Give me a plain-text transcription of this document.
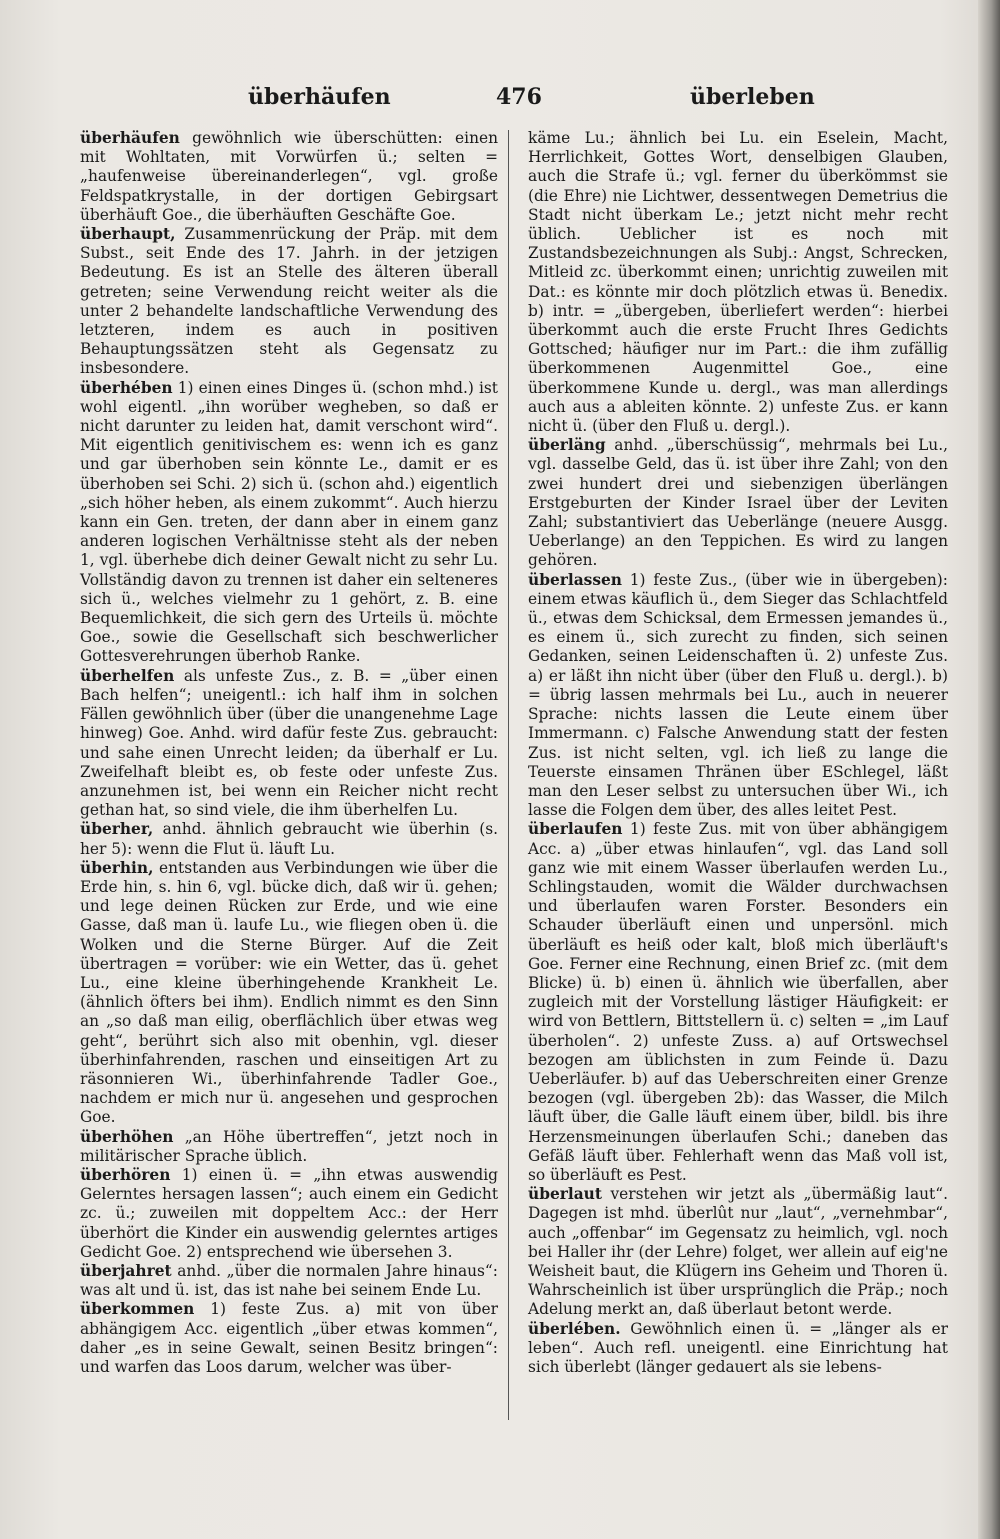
überhäufen	476	überleben

überhäufen gewöhnlich wie überschütten: einen mit Wohltaten, mit Vorwürfen ü.; selten = „haufenweise übereinanderlegen“, vgl. große Feldspatkrystalle, in der dortigen Gebirgsart überhäuft Goe., die überhäuften Geschäfte Goe.

überhaupt, Zusammenrückung der Präp. mit dem Subst., seit Ende des 17. Jahrh. in der jetzigen Bedeutung. Es ist an Stelle des älteren überall getreten; seine Verwendung reicht weiter als die unter 2 behandelte landschaftliche Verwendung des letzteren, indem es auch in positiven Behauptungssätzen steht als Gegensatz zu insbesondere.

überhében 1) einen eines Dinges ü. (schon mhd.) ist wohl eigentl. „ihn worüber wegheben, so daß er nicht darunter zu leiden hat, damit verschont wird“. Mit eigentlich genitivischem es: wenn ich es ganz und gar überhoben sein könnte Le., damit er es überhoben sei Schi. 2) sich ü. (schon ahd.) eigentlich „sich höher heben, als einem zukommt“. Auch hierzu kann ein Gen. treten, der dann aber in einem ganz anderen logischen Verhältnisse steht als der neben 1, vgl. überhebe dich deiner Gewalt nicht zu sehr Lu. Vollständig davon zu trennen ist daher ein selteneres sich ü., welches vielmehr zu 1 gehört, z. B. eine Bequemlichkeit, die sich gern des Urteils ü. möchte Goe., sowie die Gesellschaft sich beschwerlicher Gottesverehrungen überhob Ranke.

überhelfen als unfeste Zus., z. B. = „über einen Bach helfen“; uneigentl.: ich half ihm in solchen Fällen gewöhnlich über (über die unangenehme Lage hinweg) Goe. Anhd. wird dafür feste Zus. gebraucht: und sahe einen Unrecht leiden; da überhalf er Lu. Zweifelhaft bleibt es, ob feste oder unfeste Zus. anzunehmen ist, bei wenn ein Reicher nicht recht gethan hat, so sind viele, die ihm überhelfen Lu.

überher, anhd. ähnlich gebraucht wie überhin (s. her 5): wenn die Flut ü. läuft Lu.

überhin, entstanden aus Verbindungen wie über die Erde hin, s. hin 6, vgl. bücke dich, daß wir ü. gehen; und lege deinen Rücken zur Erde, und wie eine Gasse, daß man ü. laufe Lu., wie fliegen oben ü. die Wolken und die Sterne Bürger. Auf die Zeit übertragen = vorüber: wie ein Wetter, das ü. gehet Lu., eine kleine überhingehende Krankheit Le. (ähnlich öfters bei ihm). Endlich nimmt es den Sinn an „so daß man eilig, oberflächlich über etwas weg geht“, berührt sich also mit obenhin, vgl. dieser überhinfahrenden, raschen und einseitigen Art zu räsonnieren Wi., überhinfahrende Tadler Goe., nachdem er mich nur ü. angesehen und gesprochen Goe.

überhöhen „an Höhe übertreffen“, jetzt noch in militärischer Sprache üblich.

überhören 1) einen ü. = „ihn etwas auswendig Gelerntes hersagen lassen“; auch einem ein Gedicht zc. ü.; zuweilen mit doppeltem Acc.: der Herr überhört die Kinder ein auswendig gelerntes artiges Gedicht Goe. 2) entsprechend wie übersehen 3.

überjahret anhd. „über die normalen Jahre hinaus“: was alt und ü. ist, das ist nahe bei seinem Ende Lu.

überkommen 1) feste Zus. a) mit von über abhängigem Acc. eigentlich „über etwas kommen“, daher „es in seine Gewalt, seinen Besitz bringen“: und warfen das Loos darum, welcher was über-

käme Lu.; ähnlich bei Lu. ein Eselein, Macht, Herrlichkeit, Gottes Wort, denselbigen Glauben, auch die Strafe ü.; vgl. ferner du überkömmst sie (die Ehre) nie Lichtwer, dessentwegen Demetrius die Stadt nicht überkam Le.; jetzt nicht mehr recht üblich. Ueblicher ist es noch mit Zustandsbezeichnungen als Subj.: Angst, Schrecken, Mitleid zc. überkommt einen; unrichtig zuweilen mit Dat.: es könnte mir doch plötzlich etwas ü. Benedix. b) intr. = „übergeben, überliefert werden“: hierbei überkommt auch die erste Frucht Ihres Gedichts Gottsched; häufiger nur im Part.: die ihm zufällig überkommenen Augenmittel Goe., eine überkommene Kunde u. dergl., was man allerdings auch aus a ableiten könnte. 2) unfeste Zus. er kann nicht ü. (über den Fluß u. dergl.).

überläng anhd. „überschüssig“, mehrmals bei Lu., vgl. dasselbe Geld, das ü. ist über ihre Zahl; von den zwei hundert drei und siebenzigen überlängen Erstgeburten der Kinder Israel über der Leviten Zahl; substantiviert das Ueberlänge (neuere Ausgg. Ueberlange) an den Teppichen. Es wird zu langen gehören.

überlassen 1) feste Zus., (über wie in übergeben): einem etwas käuflich ü., dem Sieger das Schlachtfeld ü., etwas dem Schicksal, dem Ermessen jemandes ü., es einem ü., sich zurecht zu finden, sich seinen Gedanken, seinen Leidenschaften ü. 2) unfeste Zus. a) er läßt ihn nicht über (über den Fluß u. dergl.). b) = übrig lassen mehrmals bei Lu., auch in neuerer Sprache: nichts lassen die Leute einem über Immermann. c) Falsche Anwendung statt der festen Zus. ist nicht selten, vgl. ich ließ zu lange die Teuerste einsamen Thränen über ESchlegel, läßt man den Leser selbst zu untersuchen über Wi., ich lasse die Folgen dem über, des alles leitet Pest.

überlaufen 1) feste Zus. mit von über abhängigem Acc. a) „über etwas hinlaufen“, vgl. das Land soll ganz wie mit einem Wasser überlaufen werden Lu., Schlingstauden, womit die Wälder durchwachsen und überlaufen waren Forster. Besonders ein Schauder überläuft einen und unpersönl. mich überläuft es heiß oder kalt, bloß mich überläuft's Goe. Ferner eine Rechnung, einen Brief zc. (mit dem Blicke) ü. b) einen ü. ähnlich wie überfallen, aber zugleich mit der Vorstellung lästiger Häufigkeit: er wird von Bettlern, Bittstellern ü. c) selten = „im Lauf überholen“. 2) unfeste Zuss. a) auf Ortswechsel bezogen am üblichsten in zum Feinde ü. Dazu Ueberläufer. b) auf das Ueberschreiten einer Grenze bezogen (vgl. übergeben 2b): das Wasser, die Milch läuft über, die Galle läuft einem über, bildl. bis ihre Herzensmeinungen überlaufen Schi.; daneben das Gefäß läuft über. Fehlerhaft wenn das Maß voll ist, so überläuft es Pest.

überlaut verstehen wir jetzt als „übermäßig laut“. Dagegen ist mhd. überlût nur „laut“, „vernehmbar“, auch „offenbar“ im Gegensatz zu heimlich, vgl. noch bei Haller ihr (der Lehre) folget, wer allein auf eig'ne Weisheit baut, die Klügern ins Geheim und Thoren ü. Wahrscheinlich ist über ursprünglich die Präp.; noch Adelung merkt an, daß überlaut betont werde.

überlében. Gewöhnlich einen ü. = „länger als er leben“. Auch refl. uneigentl. eine Einrichtung hat sich überlebt (länger gedauert als sie lebens-
